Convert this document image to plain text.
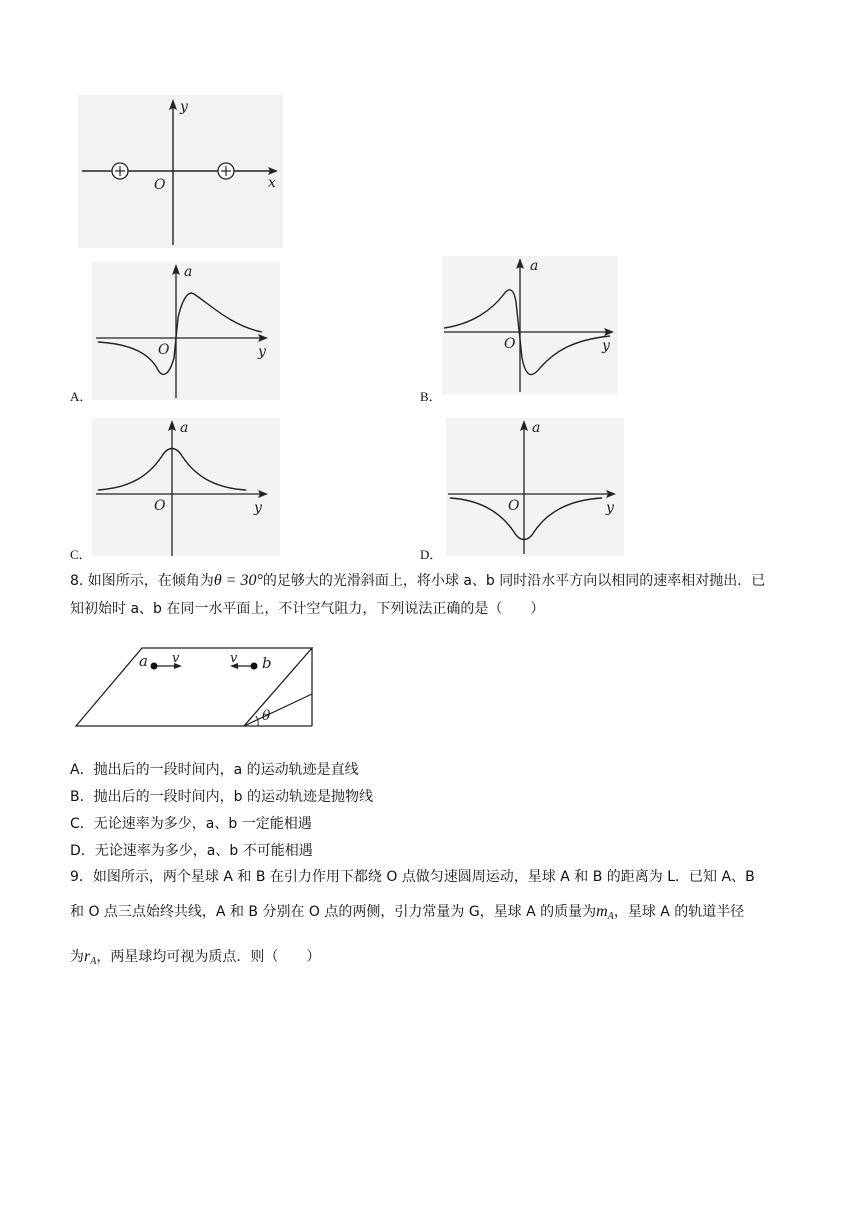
y
x
O
A．
a
O	y
B．
a
O	y
C．
a
O	y
D．
a
O	y
8. 如图所示，在倾角为θ = 30°的足够大的光滑斜面上，将小球 a、b 同时沿水平方向以相同的速率相对抛出．已
知初始时 a、b 在同一水平面上，不计空气阻力，下列说法正确的是（　　）
θ
a v	v b
A．抛出后的一段时间内，a 的运动轨迹是直线
B．抛出后的一段时间内，b 的运动轨迹是抛物线
C．无论速率为多少，a、b 一定能相遇
D．无论速率为多少，a、b 不可能相遇
9．如图所示，两个星球 A 和 B 在引力作用下都绕 O 点做匀速圆周运动，星球 A 和 B 的距离为 L．已知 A、B
和 O 点三点始终共线，A 和 B 分别在 O 点的两侧，引力常量为 G，星球 A 的质量为$m_A$，星球 A 的轨道半径
为$r_A$，两星球均可视为质点．则（　　）
